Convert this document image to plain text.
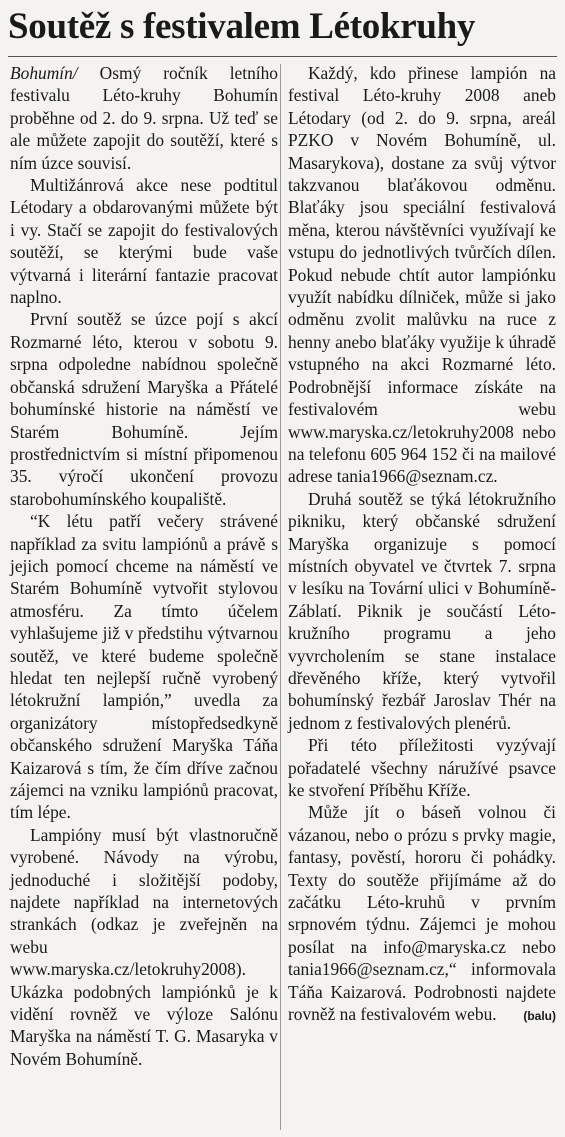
Soutěž s festivalem Létokruhy

Bohumín/ Osmý ročník letního festivalu Léto-kruhy Bohumín proběhne od 2. do 9. srpna. Už teď se ale můžete zapojit do soutěží, které s ním úzce souvisí.

Multižánrová akce nese podtitul Létodary a obdarovanými můžete být i vy. Stačí se zapojit do festivalových soutěží, se kterými bude vaše výtvarná i literární fantazie pracovat naplno.

První soutěž se úzce pojí s akcí Rozmarné léto, kterou v sobotu 9. srpna odpoledne nabídnou společně občanská sdružení Maryška a Přátelé bohumínské historie na náměstí ve Starém Bohumíně. Jejím prostřednictvím si místní připomenou 35. výročí ukončení provozu starobohumínského koupaliště.

“K létu patří večery strávené například za svitu lampiónů a právě s jejich pomocí chceme na náměstí ve Starém Bohumíně vytvořit stylovou atmosféru. Za tímto účelem vyhlašujeme již v předstihu výtvarnou soutěž, ve které budeme společně hledat ten nejlepší ručně vyrobený létokružní lampión,” uvedla za organizátory místopředsedkyně občanského sdružení Maryška Táňa Kaizarová s tím, že čím dříve začnou zájemci na vzniku lampiónů pracovat, tím lépe.

Lampióny musí být vlastnoručně vyrobené. Návody na výrobu, jednoduché i složitější podoby, najdete například na internetových strankách (odkaz je zveřejněn na webu www.maryska.cz/letokruhy2008). Ukázka podobných lampiónků je k vidění rovněž ve výloze Salónu Maryška na náměstí T. G. Masaryka v Novém Bohumíně.

Každý, kdo přinese lampión na festival Léto-kruhy 2008 aneb Létodary (od 2. do 9. srpna, areál PZKO v Novém Bohumíně, ul. Masarykova), dostane za svůj výtvor takzvanou blaťákovou odměnu. Blaťáky jsou speciální festivalová měna, kterou návštěvníci využívají ke vstupu do jednotlivých tvůrčích dílen. Pokud nebude chtít autor lampiónku využít nabídku dílniček, může si jako odměnu zvolit malůvku na ruce z henny anebo blaťáky využije k úhradě vstupného na akci Rozmarné léto. Podrobnější informace získáte na festivalovém webu www.maryska.cz/letokruhy2008 nebo na telefonu 605 964 152 či na mailové adrese tania1966@seznam.cz.

Druhá soutěž se týká létokružního pikniku, který občanské sdružení Maryška organizuje s pomocí místních obyvatel ve čtvrtek 7. srpna v lesíku na Tovární ulici v Bohumíně-Záblatí. Piknik je součástí Léto-kružního programu a jeho vyvrcholením se stane instalace dřevěného kříže, který vytvořil bohumínský řezbář Jaroslav Thér na jednom z festivalových plenérů.

Při této příležitosti vyzývají pořadatelé všechny náružívé psavce ke stvoření Příběhu Kříže.

Může jít o báseň volnou či vázanou, nebo o prózu s prvky magie, fantasy, pověstí, hororu či pohádky. Texty do soutěže přijímáme až do začátku Léto-kruhů v prvním srpnovém týdnu. Zájemci je mohou posílat na info@maryska.cz nebo tania1966@seznam.cz,“ informovala Táňa Kaizarová. Podrobnosti najdete rovněž na festivalovém webu.	(balu)
